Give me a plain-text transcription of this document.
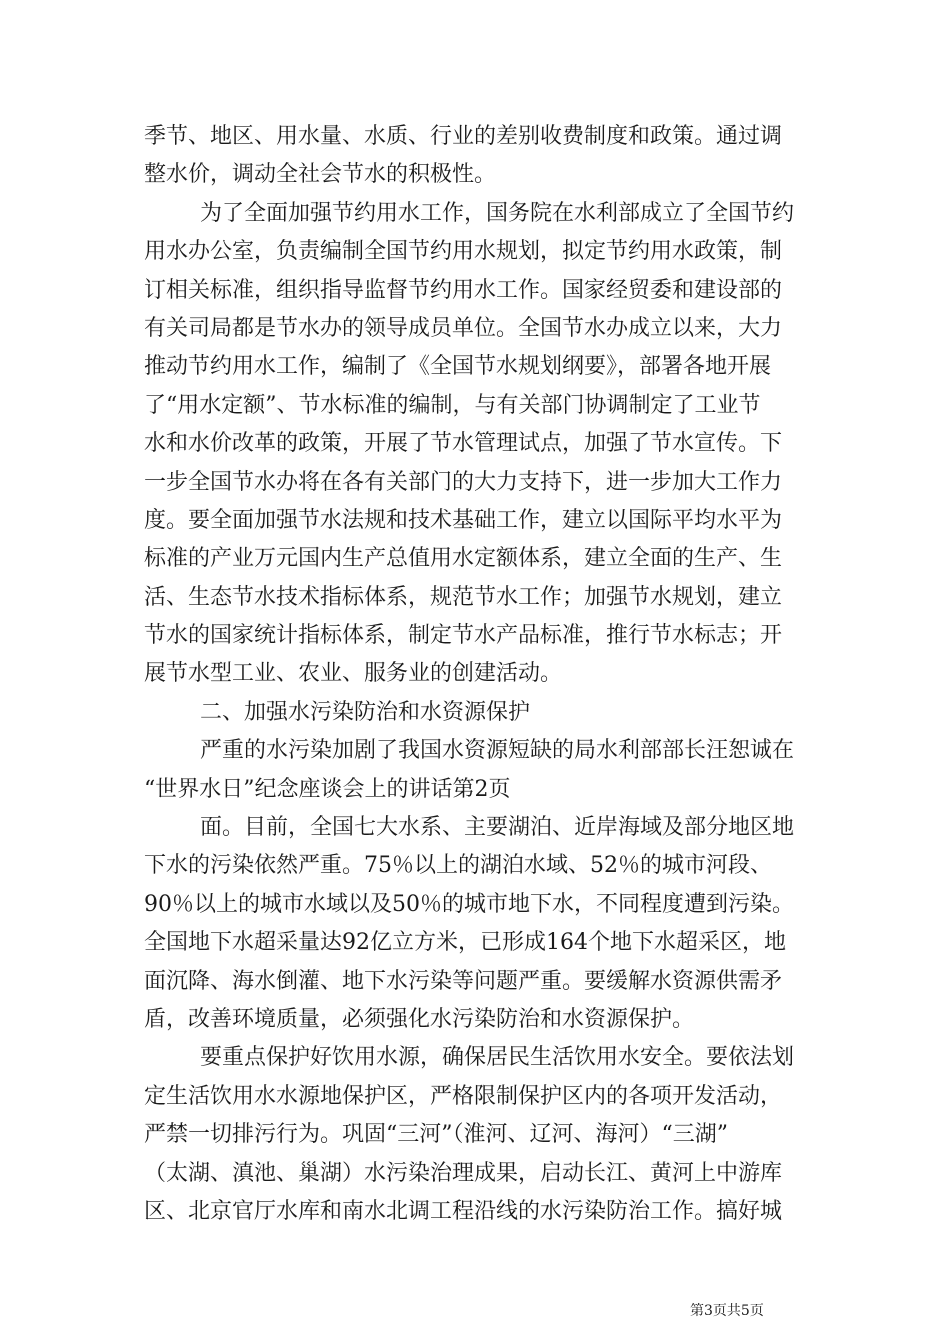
季节、地区、用水量、水质、行业的差别收费制度和政策。通过调
整水价，调动全社会节水的积极性。
为了全面加强节约用水工作，国务院在水利部成立了全国节约
用水办公室，负责编制全国节约用水规划，拟定节约用水政策，制
订相关标准，组织指导监督节约用水工作。国家经贸委和建设部的
有关司局都是节水办的领导成员单位。全国节水办成立以来，大力
推动节约用水工作，编制了《全国节水规划纲要》，部署各地开展
了“用水定额”、节水标准的编制，与有关部门协调制定了工业节
水和水价改革的政策，开展了节水管理试点，加强了节水宣传。下
一步全国节水办将在各有关部门的大力支持下，进一步加大工作力
度。要全面加强节水法规和技术基础工作，建立以国际平均水平为
标准的产业万元国内生产总值用水定额体系，建立全面的生产、生
活、生态节水技术指标体系，规范节水工作；加强节水规划，建立
节水的国家统计指标体系，制定节水产品标准，推行节水标志；开
展节水型工业、农业、服务业的创建活动。
二、加强水污染防治和水资源保护
严重的水污染加剧了我国水资源短缺的局水利部部长汪恕诚在
“世界水日”纪念座谈会上的讲话第2页
面。目前，全国七大水系、主要湖泊、近岸海域及部分地区地
下水的污染依然严重。75％以上的湖泊水域、52％的城市河段、
90％以上的城市水域以及50％的城市地下水，不同程度遭到污染。
全国地下水超采量达92亿立方米，已形成164个地下水超采区，地
面沉降、海水倒灌、地下水污染等问题严重。要缓解水资源供需矛
盾，改善环境质量，必须强化水污染防治和水资源保护。
要重点保护好饮用水源，确保居民生活饮用水安全。要依法划
定生活饮用水水源地保护区，严格限制保护区内的各项开发活动，
严禁一切排污行为。巩固“三河”（淮河、辽河、海河）“三湖”
（太湖、滇池、巢湖）水污染治理成果，启动长江、黄河上中游库
区、北京官厅水库和南水北调工程沿线的水污染防治工作。搞好城
第3页共5页
